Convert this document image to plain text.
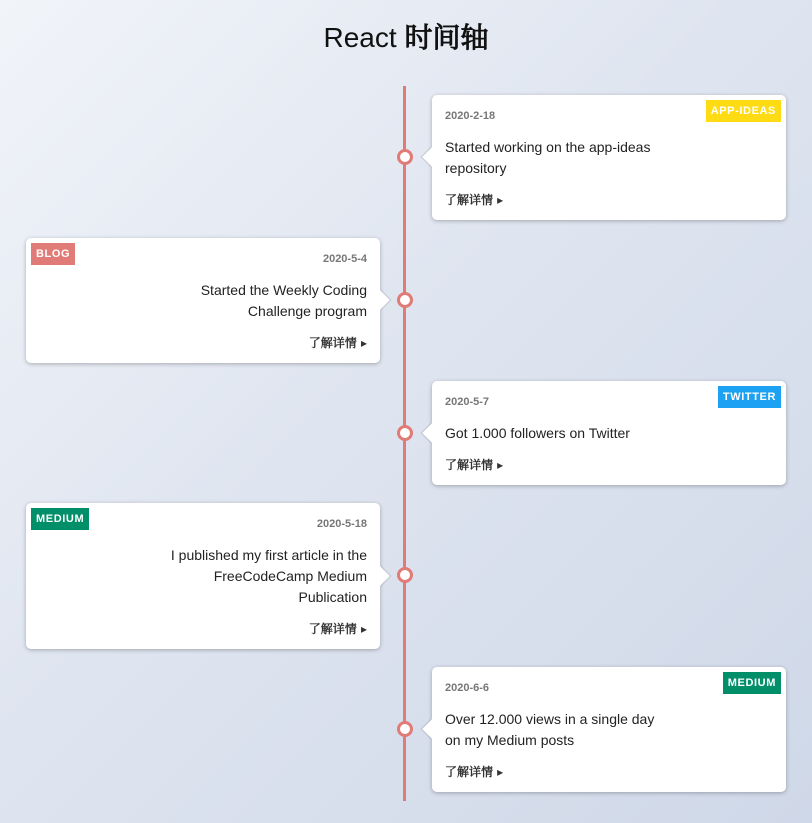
React 时间轴
APP-IDEAS
2020-2-18

Started working on the app-ideas repository

了解详情 ▸
BLOG	2020-5-4

Started the Weekly Coding Challenge program

了解详情 ▸
TWITTER
2020-5-7

Got 1.000 followers on Twitter

了解详情 ▸
MEDIUM	2020-5-18

I published my first article in the FreeCodeCamp Medium Publication

了解详情 ▸
MEDIUM
2020-6-6

Over 12.000 views in a single day on my Medium posts

了解详情 ▸
